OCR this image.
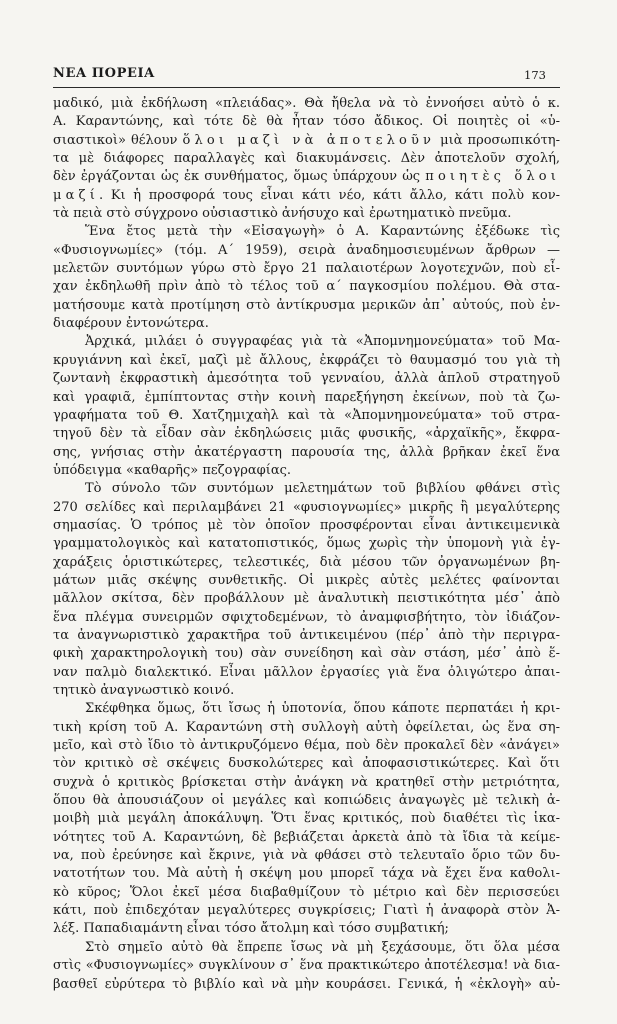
ΝΕΑ ΠΟΡΕΙΑ	173
μαδικό, μιὰ ἐκδήλωση «πλειάδας». Θὰ ἤθελα νὰ τὸ ἐννοήσει αὐτὸ ὁ κ.
Α. Καραντώνης, καὶ τότε δὲ θὰ ἦταν τόσο ἄδικος. Οἱ ποιητὲς οἱ «ὑ-
σιαστικοὶ» θέλουν ὅλοι μαζὶ νὰ ἀποτελοῦν μιὰ προσωπικότη-
τα μὲ διάφορες παραλλαγὲς καὶ διακυμάνσεις. Δὲν ἀποτελοῦν σχολή,
δὲν ἐργάζονται ὡς ἐκ συνθήματος, ὅμως ὑπάρχουν ὡς ποιητὲς ὅλοι
μαζί. Κι ἡ προσφορά τους εἶναι κάτι νέο, κάτι ἄλλο, κάτι πολὺ κον-
τὰ πειὰ στὸ σύγχρονο οὐσιαστικὸ ἀνήσυχο καὶ ἐρωτηματικὸ πνεῦμα.
Ἕνα ἔτος μετὰ τὴν «Εἰσαγωγὴ» ὁ Α. Καραντώνης ἐξέδωκε τὶς
«Φυσιογνωμίες» (τόμ. Α΄ 1959), σειρὰ ἀναδημοσιευμένων ἄρθρων —
μελετῶν συντόμων γύρω στὸ ἔργο 21 παλαιοτέρων λογοτεχνῶν, ποὺ εἶ-
χαν ἐκδηλωθῆ πρὶν ἀπὸ τὸ τέλος τοῦ α΄ παγκοσμίου πολέμου. Θὰ στα-
ματήσουμε κατὰ προτίμηση στὸ ἀντίκρυσμα μερικῶν ἀπ᾿ αὐτούς, ποὺ ἐν-
διαφέρουν ἐντονώτερα.
Ἀρχικά, μιλάει ὁ συγγραφέας γιὰ τὰ «Ἀπομνημονεύματα» τοῦ Μα-
κρυγιάννη καὶ ἐκεῖ, μαζὶ μὲ ἄλλους, ἐκφράζει τὸ θαυμασμό του γιὰ τὴ
ζωντανὴ ἐκφραστικὴ ἀμεσότητα τοῦ γενναίου, ἀλλὰ ἁπλοῦ στρατηγοῦ
καὶ γραφιᾶ, ἐμπίπτοντας στὴν κοινὴ παρεξήγηση ἐκείνων, ποὺ τὰ ζω-
γραφήματα τοῦ Θ. Χατζημιχαὴλ καὶ τὰ «Ἀπομνημονεύματα» τοῦ στρα-
τηγοῦ δὲν τὰ εἶδαν σὰν ἐκδηλώσεις μιᾶς φυσικῆς, «ἀρχαϊκῆς», ἔκφρα-
σης, γνήσιας στὴν ἀκατέργαστη παρουσία της, ἀλλὰ βρῆκαν ἐκεῖ ἕνα
ὑπόδειγμα «καθαρῆς» πεζογραφίας.
Τὸ σύνολο τῶν συντόμων μελετημάτων τοῦ βιβλίου φθάνει στὶς
270 σελίδες καὶ περιλαμβάνει 21 «φυσιογνωμίες» μικρῆς ἢ μεγαλύτερης
σημασίας. Ὁ τρόπος μὲ τὸν ὁποῖον προσφέρονται εἶναι ἀντικειμενικὰ
γραμματολογικὸς καὶ κατατοπιστικός, ὅμως χωρὶς τὴν ὑπομονὴ γιὰ ἐγ-
χαράξεις ὁριστικώτερες, τελεστικές, διὰ μέσου τῶν ὀργανωμένων βη-
μάτων μιᾶς σκέψης συνθετικῆς. Οἱ μικρὲς αὐτὲς μελέτες φαίνονται
μᾶλλον σκίτσα, δὲν προβάλλουν μὲ ἀναλυτικὴ πειστικότητα μέσ᾿ ἀπὸ
ἕνα πλέγμα συνειρμῶν σφιχτοδεμένων, τὸ ἀναμφισβήτητο, τὸν ἰδιάζον-
τα ἀναγνωριστικὸ χαρακτῆρα τοῦ ἀντικειμένου (πέρ᾿ ἀπὸ τὴν περιγρα-
φικὴ χαρακτηρολογικὴ του) σὰν συνείδηση καὶ σὰν στάση, μέσ᾿ ἀπὸ ἕ-
ναν παλμὸ διαλεκτικό. Εἶναι μᾶλλον ἐργασίες γιὰ ἕνα ὀλιγώτερο ἀπαι-
τητικὸ ἀναγνωστικὸ κοινό.
Σκέφθηκα ὅμως, ὅτι ἴσως ἡ ὑποτονία, ὅπου κάποτε περπατάει ἡ κρι-
τικὴ κρίση τοῦ Α. Καραντώνη στὴ συλλογὴ αὐτὴ ὀφείλεται, ὡς ἕνα ση-
μεῖο, καὶ στὸ ἴδιο τὸ ἀντικρυζόμενο θέμα, ποὺ δὲν προκαλεῖ δὲν «ἀνάγει»
τὸν κριτικὸ σὲ σκέψεις δυσκολώτερες καὶ ἀποφασιστικώτερες. Καὶ ὅτι
συχνὰ ὁ κριτικὸς βρίσκεται στὴν ἀνάγκη νὰ κρατηθεῖ στὴν μετριότητα,
ὅπου θὰ ἀπουσιάζουν οἱ μεγάλες καὶ κοπιώδεις ἀναγωγὲς μὲ τελικὴ ἀ-
μοιβὴ μιὰ μεγάλη ἀποκάλυψη. Ὅτι ἕνας κριτικός, ποὺ διαθέτει τὶς ἱκα-
νότητες τοῦ Α. Καραντώνη, δὲ βεβιάζεται ἀρκετὰ ἀπὸ τὰ ἴδια τὰ κείμε-
να, ποὺ ἐρεύνησε καὶ ἔκρινε, γιὰ νὰ φθάσει στὸ τελευταῖο ὅριο τῶν δυ-
νατοτήτων του. Μὰ αὐτὴ ἡ σκέψη μου μπορεῖ τάχα νὰ ἔχει ἕνα καθολι-
κὸ κῦρος; Ὅλοι ἐκεῖ μέσα διαβαθμίζουν τὸ μέτριο καὶ δὲν περισσεύει
κάτι, ποὺ ἐπιδεχόταν μεγαλύτερες συγκρίσεις; Γιατὶ ἡ ἀναφορὰ στὸν Ἀ-
λέξ. Παπαδιαμάντη εἶναι τόσο ἄτολμη καὶ τόσο συμβατική;
Στὸ σημεῖο αὐτὸ θὰ ἔπρεπε ἴσως νὰ μὴ ξεχάσουμε, ὅτι ὅλα μέσα
στὶς «Φυσιογνωμίες» συγκλίνουν σ᾿ ἕνα πρακτικώτερο ἀποτέλεσμα! νὰ δια-
βασθεῖ εὐρύτερα τὸ βιβλίο καὶ νὰ μὴν κουράσει. Γενικά, ἡ «ἐκλογὴ» αὐ-
